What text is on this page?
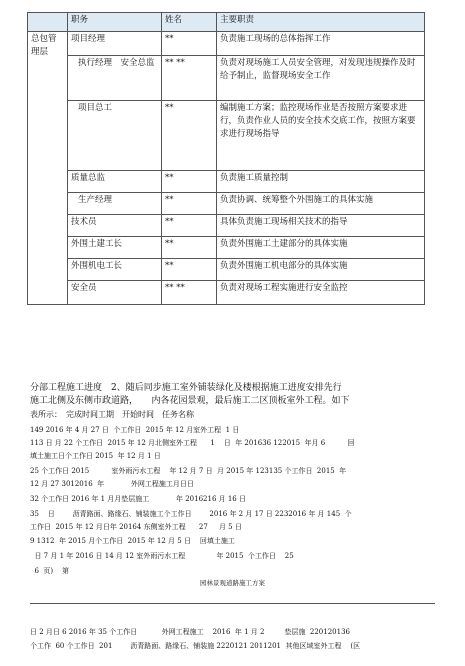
	职务	姓名	主要职责
总包管理层	项目经理	**	负责施工现场的总体指挥工作
	执行经理　安全总监	** **	负责对现场施工人员安全管理，对发现违规操作及时给予制止，监督现场安全工作
	项目总工	**	编制施工方案；监控现场作业是否按照方案要求进行，负责作业人员的安全技术交底工作，按照方案要求进行现场指导
	质量总监	**	负责施工质量控制
	生产经理	**	负责协调、统筹整个外围施工的具体实施
	技术员	**	具体负责施工现场相关技术的指导
	外围土建工长	**	负责外围施工土建部分的具体实施
	外围机电工长	**	负责外围施工机电部分的具体实施
	安全员	** **	负责对现场工程实施进行安全监控
分部工程施工进度　2、随后同步施工室外铺装绿化及楼根据施工进度安排先行
施工北侧及东侧市政道路，　　内各花园景观，最后施工二区顶板室外工程。如下
表所示：　完成时间工期　开始时间　任务名称
149 2016 年 4 月 27 日  个工作日  2015 年 12 月室外工程  1 日
113 日 月 22 个工作日  2015 年 12 月北侧室外工程      1    日  年 201636 122015  年月 6          回
填土施工日个工作日 2015  年 12 月 1 日
25 个工作日 2015          室外雨污水工程    年 12 月 7 日  月 2015 年 123135 个工作日  2015  年
12 月 27 3012016  年            外网工程施工月日日
32 个工作日 2016 年 1 月月垫层施工            年 2016216 月 16 日
35    日        沥青路面、路缘石、铺装施工个工作日        2016 年 2 月 17 日 2232016 年 月 145  个
工作日  2015 年 12 月日年 20164 东侧室外工程      27     月 5 日
9 1312  年 2015 月个工作日  2015 年 12 月 5 日    回填土施工
日 7 月 1 年 2016 日 14 月 12 室外雨污水工程              年 2015  个工作日    25
6  页)    第
园林景观道路施工方案
日 2 月日 6 2016 年 35 个工作日           外网工程施工    2016  年 1 月 2         垫层施  220120136
个工作  60 个工作日  201        沥青路面、路缘石、铺装施 2220121 2011201  其他区域室外工程    (区
